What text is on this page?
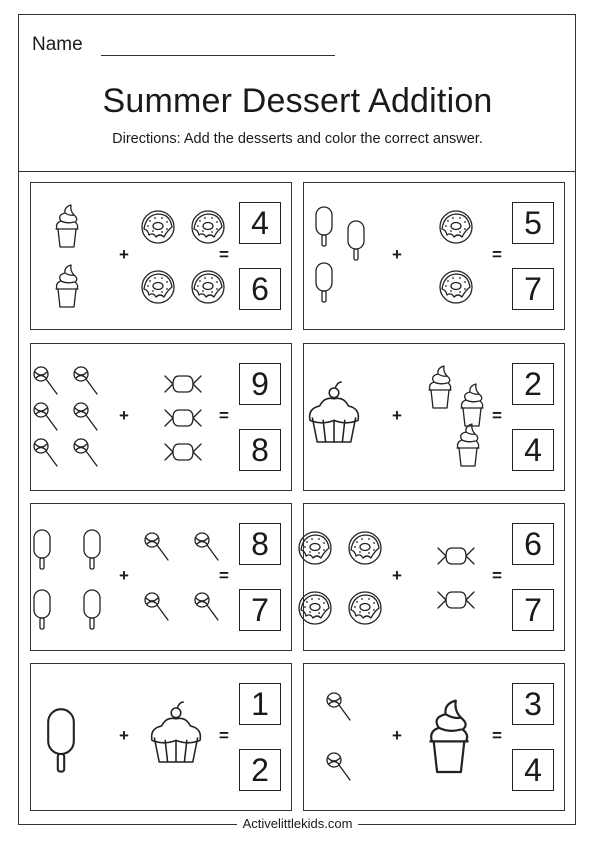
Name
Summer Dessert Addition
Directions: Add the desserts and color the correct answer.
+	=
4
6
+	=
5
7
+	=
9
8
+	=
2
4
+	=
8
7
+	=
6
7
+	=
1
2
+	=
3
4
Activelittlekids.com
